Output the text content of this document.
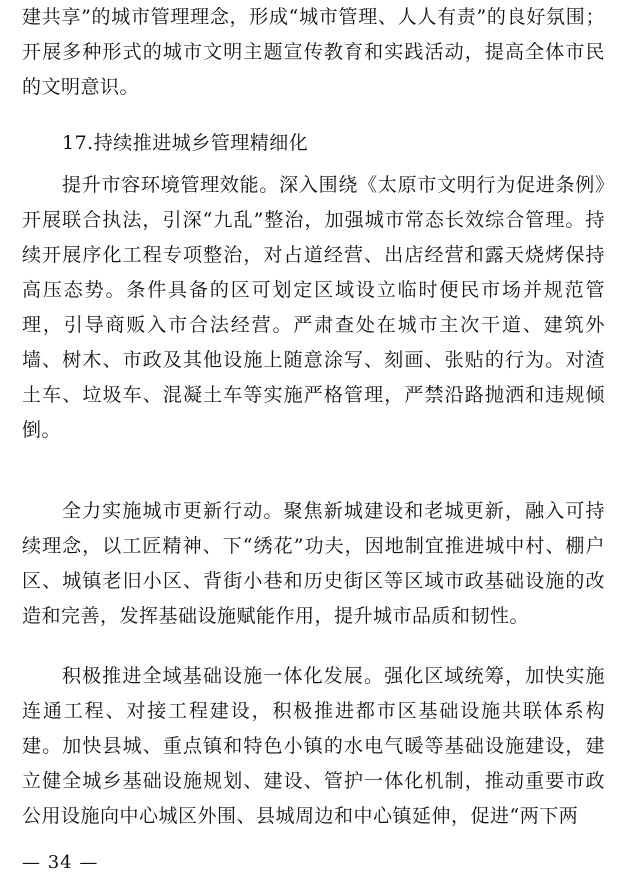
建共享”的城市管理理念，形成“城市管理、人人有责”的良好氛围；开展多种形式的城市文明主题宣传教育和实践活动，提高全体市民的文明意识。

17.持续推进城乡管理精细化

提升市容环境管理效能。深入围绕《太原市文明行为促进条例》开展联合执法，引深“九乱”整治，加强城市常态长效综合管理。持续开展序化工程专项整治，对占道经营、出店经营和露天烧烤保持高压态势。条件具备的区可划定区域设立临时便民市场并规范管理，引导商贩入市合法经营。严肃查处在城市主次干道、建筑外墙、树木、市政及其他设施上随意涂写、刻画、张贴的行为。对渣土车、垃圾车、混凝土车等实施严格管理，严禁沿路抛洒和违规倾倒。

全力实施城市更新行动。聚焦新城建设和老城更新，融入可持续理念，以工匠精神、下“绣花”功夫，因地制宜推进城中村、棚户区、城镇老旧小区、背街小巷和历史街区等区域市政基础设施的改造和完善，发挥基础设施赋能作用，提升城市品质和韧性。

积极推进全域基础设施一体化发展。强化区域统筹，加快实施连通工程、对接工程建设，积极推进都市区基础设施共联体系构建。加快县城、重点镇和特色小镇的水电气暖等基础设施建设，建立健全城乡基础设施规划、建设、管护一体化机制，推动重要市政公用设施向中心城区外围、县城周边和中心镇延伸，促进“两下两

— 34 —
